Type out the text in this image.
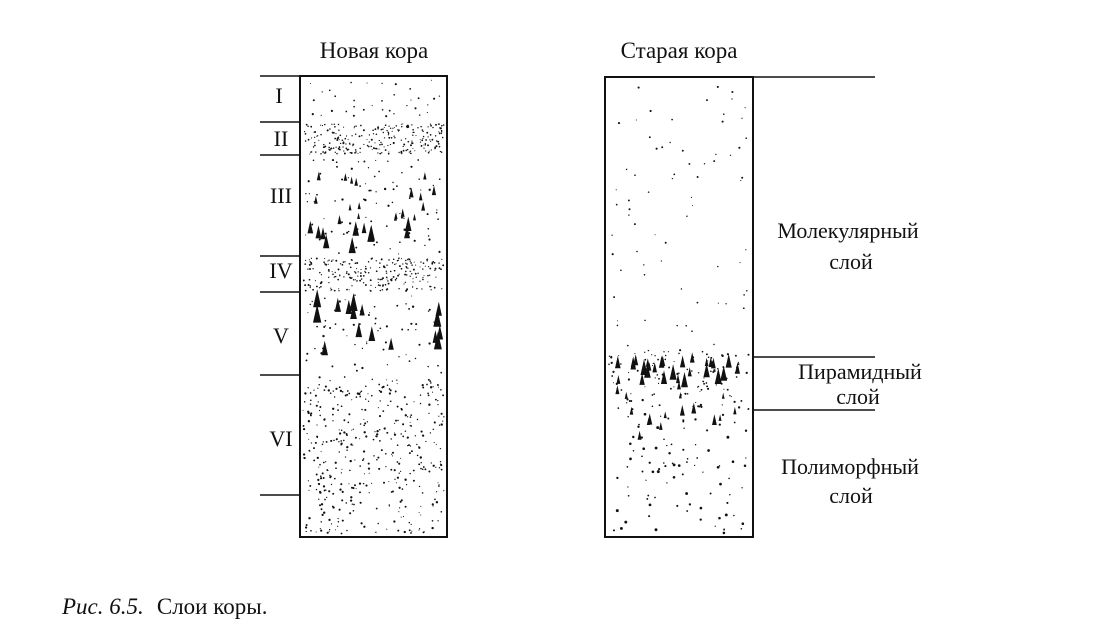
Новая кора
I
II
III
IV
V
VI
Старая кора
Молекулярный
слой
Пирамидный
слой
Полиморфный
слой
Рис. 6.5. Слои коры.
